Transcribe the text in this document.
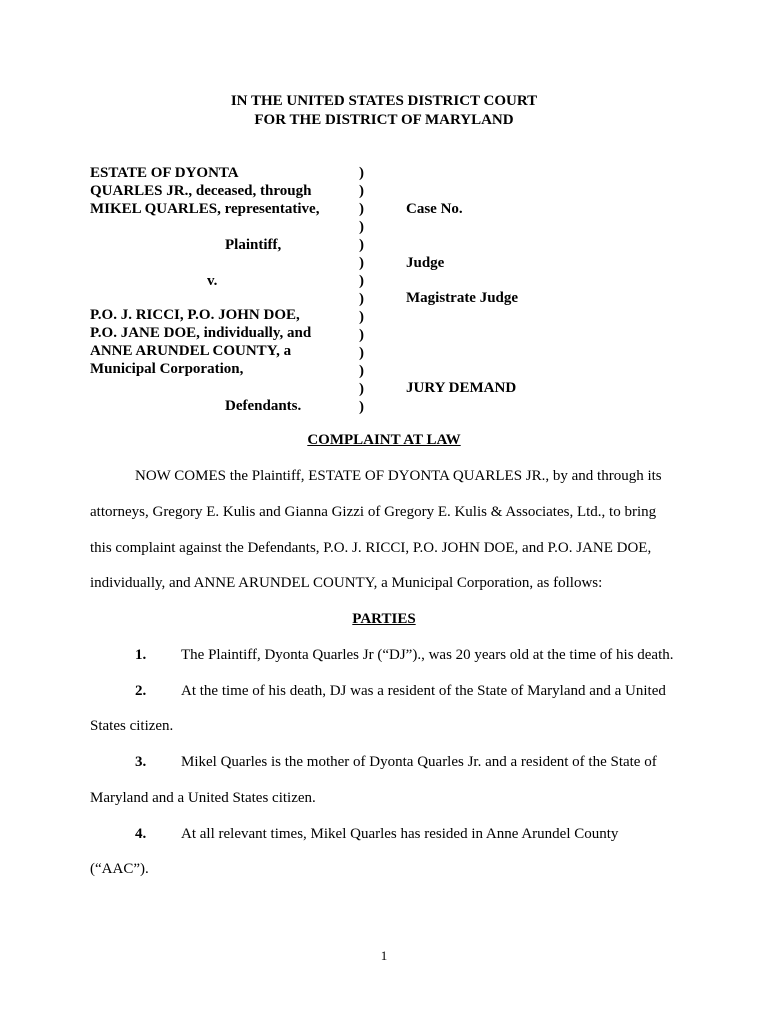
IN THE UNITED STATES DISTRICT COURT
FOR THE DISTRICT OF MARYLAND
ESTATE OF DYONTA
QUARLES JR., deceased, through
MIKEL QUARLES, representative,
Plaintiff,
v.
P.O. J. RICCI, P.O. JOHN DOE,
P.O. JANE DOE, individually, and
ANNE ARUNDEL COUNTY, a
Municipal Corporation,
Defendants.
)
)
)
)
)
)
)
)
)
)
)
)
)
)
Case No.
Judge
Magistrate Judge
JURY DEMAND
COMPLAINT AT LAW
NOW COMES the Plaintiff, ESTATE OF DYONTA QUARLES JR., by and through its
attorneys, Gregory E. Kulis and Gianna Gizzi of Gregory E. Kulis & Associates, Ltd., to bring
this complaint against the Defendants, P.O. J. RICCI, P.O. JOHN DOE, and P.O. JANE DOE,
individually, and ANNE ARUNDEL COUNTY, a Municipal Corporation, as follows:
PARTIES
1. The Plaintiff, Dyonta Quarles Jr (“DJ”)., was 20 years old at the time of his death.
2. At the time of his death, DJ was a resident of the State of Maryland and a United
States citizen.
3. Mikel Quarles is the mother of Dyonta Quarles Jr. and a resident of the State of
Maryland and a United States citizen.
4. At all relevant times, Mikel Quarles has resided in Anne Arundel County
(“AAC”).
1
